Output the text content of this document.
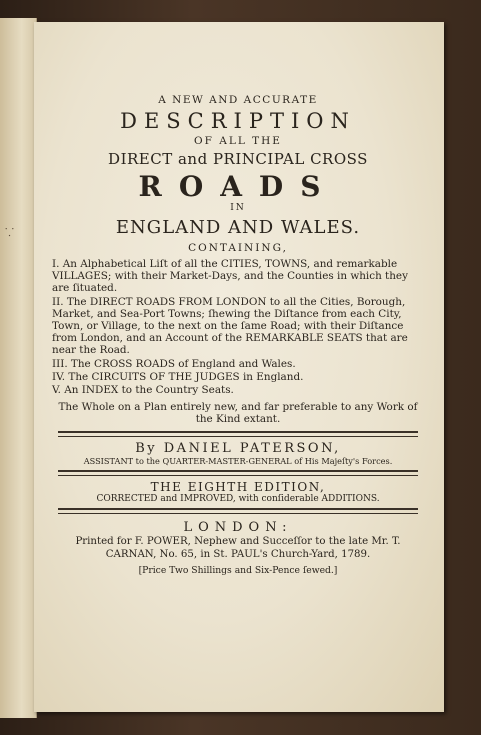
⸪

A NEW AND ACCURATE

DESCRIPTION

OF ALL THE

DIRECT and PRINCIPAL CROSS

ROADS

IN

ENGLAND AND WALES.

CONTAINING,

I. An Alphabetical Liſt of all the CITIES, TOWNS, and remarkable VILLAGES; with their Market-Days, and the Counties in which they are ſituated.
II. The DIRECT ROADS FROM LONDON to all the Cities, Borough, Market, and Sea-Port Towns; ſhewing the Diſtance from each City, Town, or Village, to the next on the ſame Road; with their Diſtance from London, and an Account of the REMARKABLE SEATS that are near the Road.
III. The CROSS ROADS of England and Wales.
IV. The CIRCUITS OF THE JUDGES in England.
V. An INDEX to the Country Seats.

The Whole on a Plan entirely new, and far preferable to any Work of the Kind extant.

By DANIEL PATERSON,

ASSISTANT to the QUARTER-MASTER-GENERAL of His Majeſty's Forces.

THE EIGHTH EDITION,

CORRECTED and IMPROVED, with conſiderable ADDITIONS.

LONDON:

Printed for F. POWER, Nephew and Succeſſor to the late Mr. T. CARNAN, No. 65, in St. PAUL's Church-Yard, 1789.

[Price Two Shillings and Six-Pence ſewed.]
